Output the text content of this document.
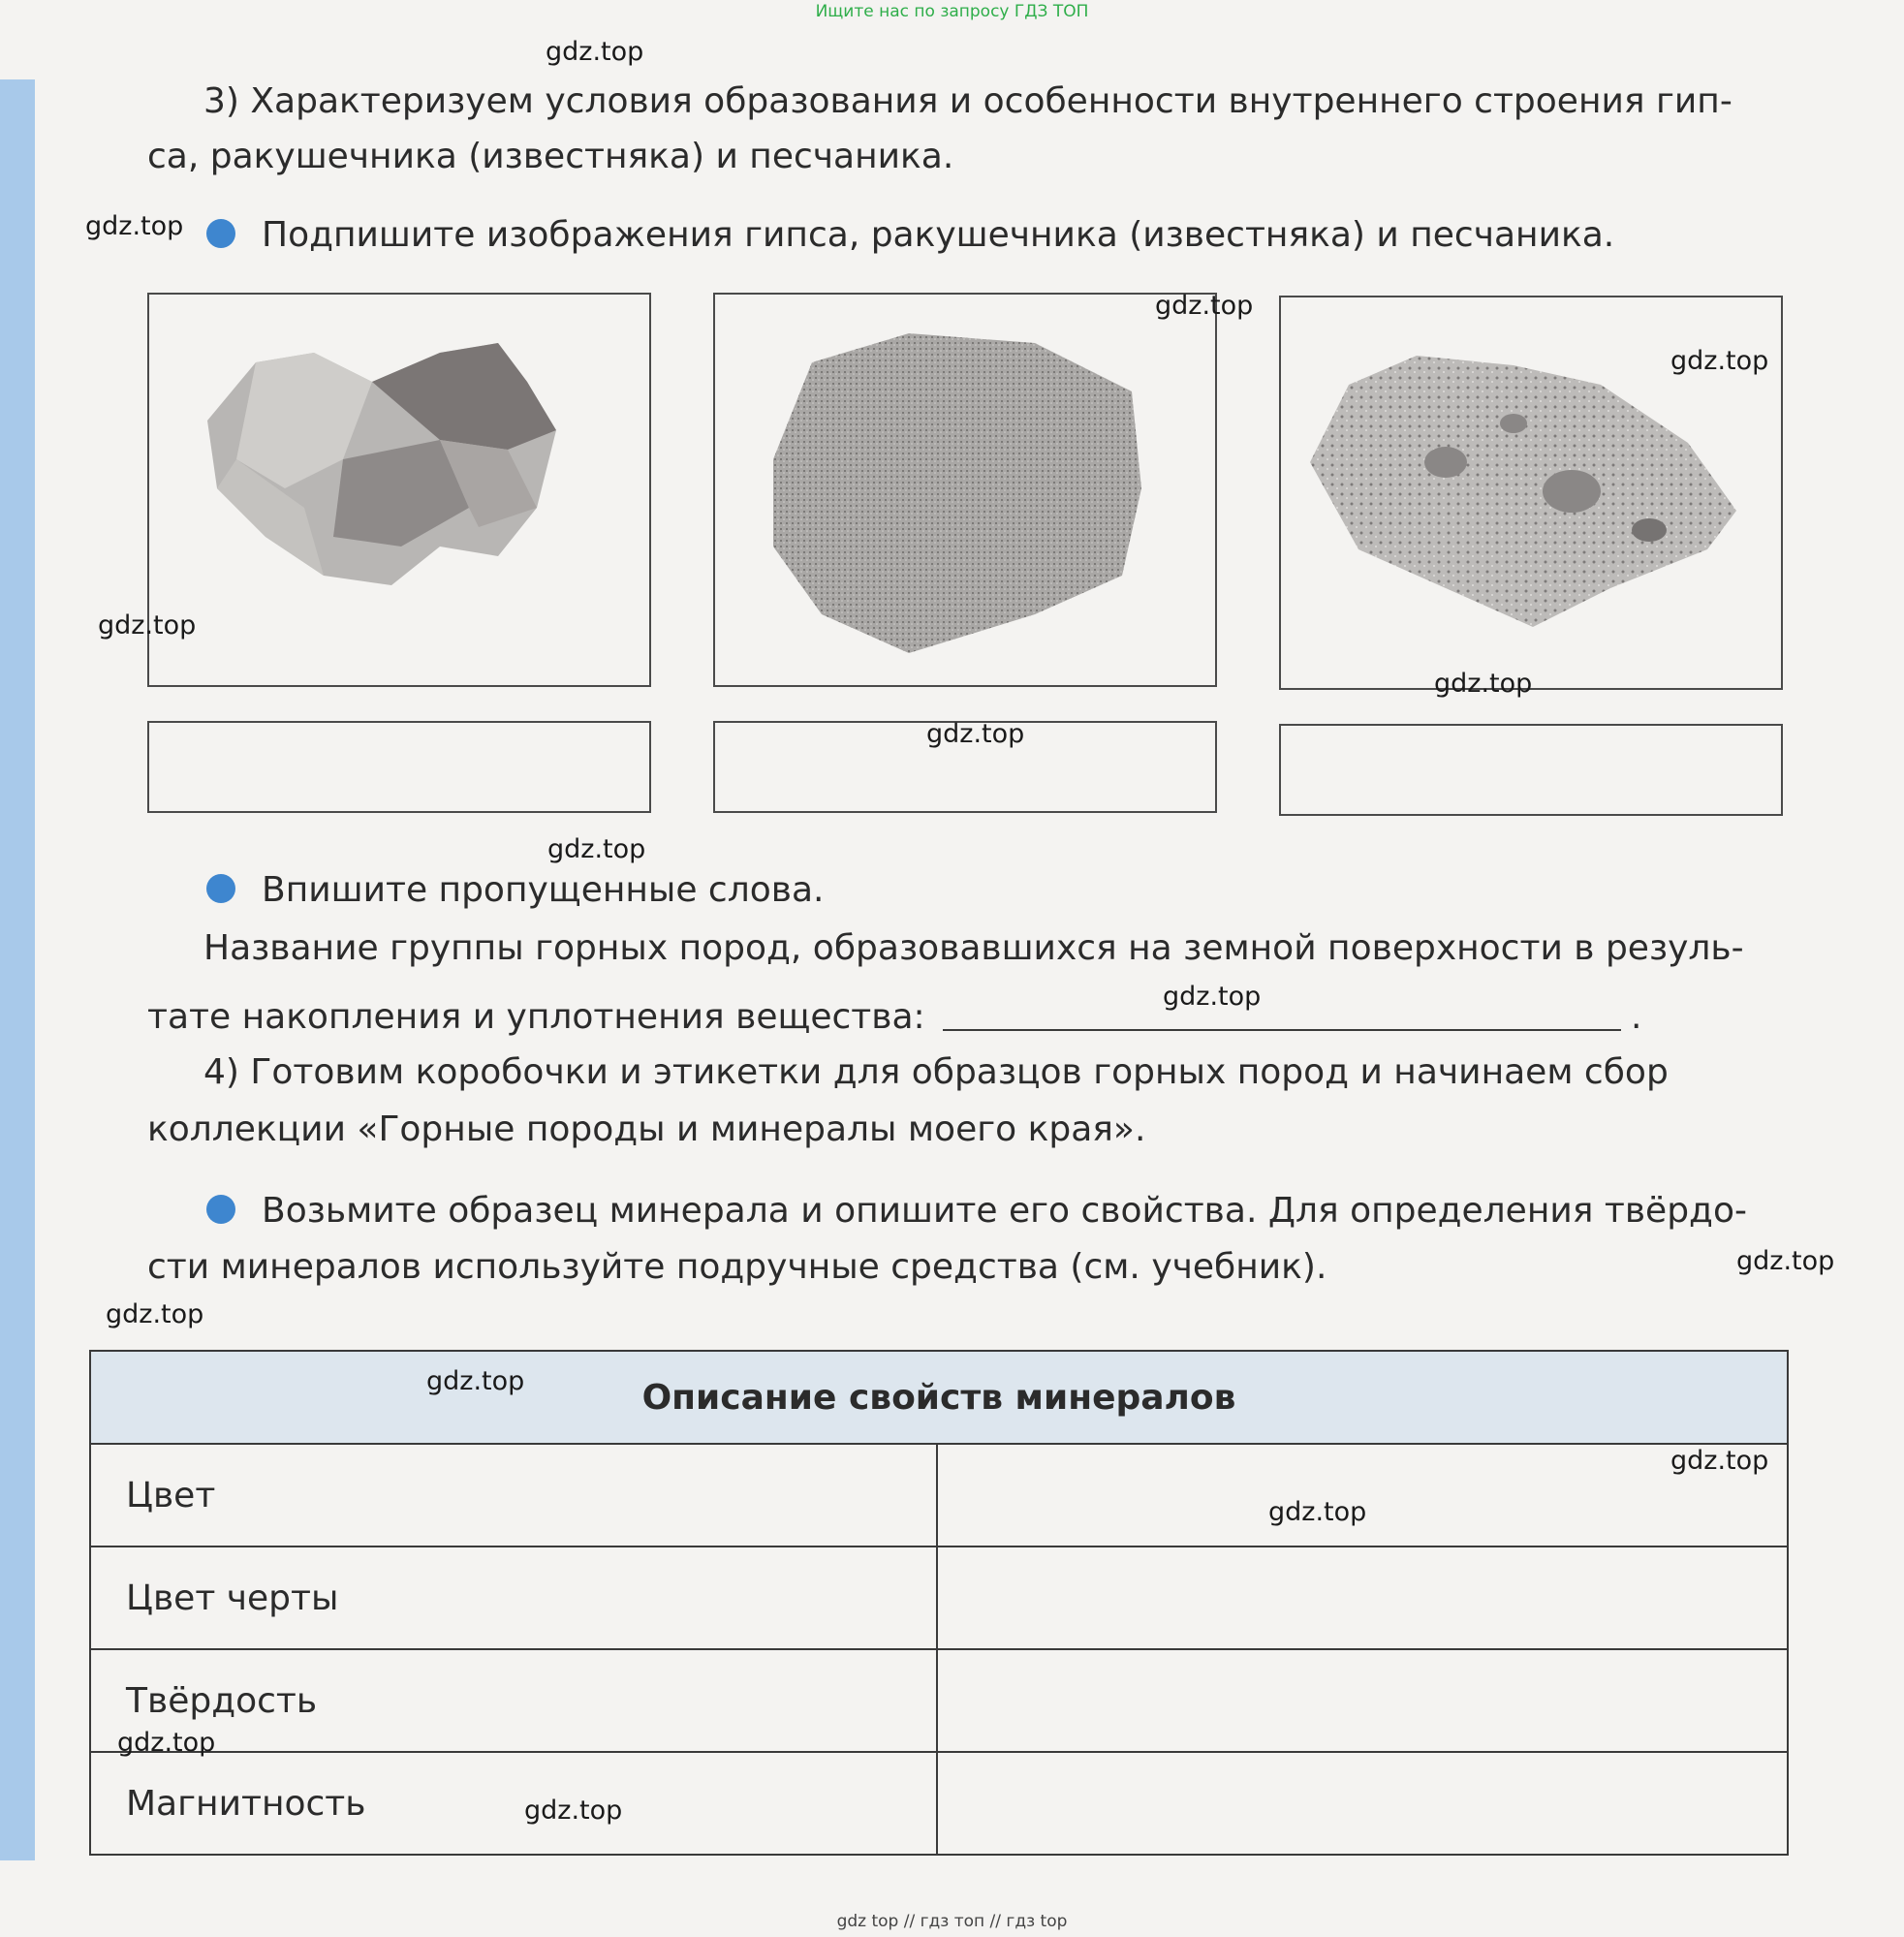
Ищите нас по запросу ГДЗ ТОП
3) Характеризуем условия образования и особенности внутреннего строения гип-
са, ракушечника (известняка) и песчаника.
Подпишите изображения гипса, ракушечника (известняка) и песчаника.
Впишите пропущенные слова.
Название группы горных пород, образовавшихся на земной поверхности в резуль-
тате накопления и уплотнения вещества:	.
4) Готовим коробочки и этикетки для образцов горных пород и начинаем сбор
коллекции «Горные породы и минералы моего края».
Возьмите образец минерала и опишите его свойства. Для определения твёрдо-
сти минералов используйте подручные средства (см. учебник).
Описание свойств минералов	
Цвет	
Цвет черты	
Твёрдость	
Магнитность	
gdz.top
gdz.top
gdz.top
gdz.top
gdz.top
gdz.top
gdz.top
gdz.top
gdz.top
gdz.top
gdz.top
gdz.top
gdz.top
gdz.top
gdz.top
gdz.top
gdz top // гдз топ // гдз top
